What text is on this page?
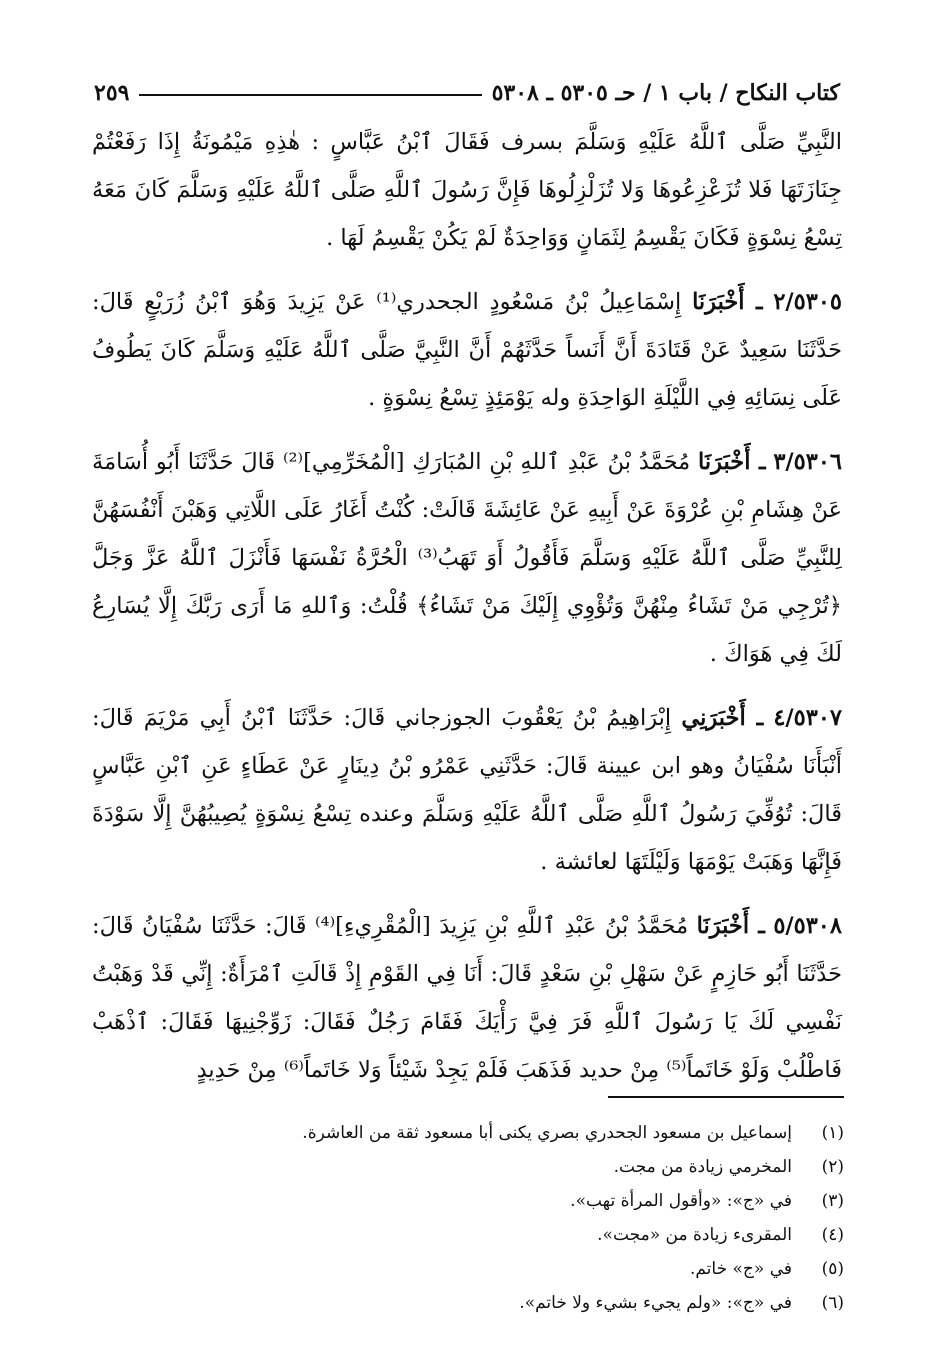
كتاب النكاح / باب ١ / حـ ٥٣٠٥ ـ ٥٣٠٨
٢٥٩

النَّبِيِّ صَلَّى ٱللَّهُ عَلَيْهِ وَسَلَّمَ بسرف فَقَالَ ٱبْنُ عَبَّاسٍ : هٰذِهِ مَيْمُونَةُ إِذَا رَفَعْتُمْ جِنَازَتَهَا فَلا تُزَعْزِعُوهَا وَلا تُزَلْزِلُوهَا فَإِنَّ رَسُولَ ٱللَّهِ صَلَّى ٱللَّهُ عَلَيْهِ وَسَلَّمَ كَانَ مَعَهُ تِسْعُ نِسْوَةٍ فَكَانَ يَقْسِمُ لِثَمَانٍ وَوَاحِدَةٌ لَمْ يَكُنْ يَقْسِمُ لَهَا .

٢/٥٣٠٥ ـ أَخْبَرَنَا إِسْمَاعِيلُ بْنُ مَسْعُودٍ الجحدري⁽¹⁾ عَنْ يَزِيدَ وَهُوَ ٱبْنُ زُرَيْعٍ قَالَ: حَدَّثَنَا سَعِيدٌ عَنْ قَتَادَةَ أَنَّ أَنَساً حَدَّثَهُمْ أَنَّ النَّبِيَّ صَلَّى ٱللَّهُ عَلَيْهِ وَسَلَّمَ كَانَ يَطُوفُ عَلَى نِسَائِهِ فِي اللَّيْلَةِ الوَاحِدَةِ وله يَوْمَئِذٍ تِسْعُ نِسْوَةٍ .

٣/٥٣٠٦ ـ أَخْبَرَنَا مُحَمَّدُ بْنُ عَبْدِ ٱللهِ بْنِ المُبَارَكِ [الْمُخَرِّمِي]⁽²⁾ قَالَ حَدَّثَنَا أَبُو أُسَامَةَ عَنْ هِشَامِ بْنِ عُرْوَةَ عَنْ أَبِيهِ عَنْ عَائِشَةَ قَالَتْ: كُنْتُ أَغَارُ عَلَى اللَّاتِي وَهَبْنَ أَنْفُسَهُنَّ لِلنَّبِيِّ صَلَّى ٱللَّهُ عَلَيْهِ وَسَلَّمَ فَأَقُولُ أَوَ تَهَبُ⁽³⁾ الْحُرَّةُ نَفْسَهَا فَأَنْزَلَ ٱللَّهُ عَزَّ وَجَلَّ ﴿تُرْجِي مَنْ تَشَاءُ مِنْهُنَّ وَتُؤْوِي إِلَيْكَ مَنْ تَشَاءُ﴾ قُلْتُ: وَٱللهِ مَا أَرَى رَبَّكَ إِلَّا يُسَارِعُ لَكَ فِي هَوَاكَ .

٤/٥٣٠٧ ـ أَخْبَرَنِي إِبْرَاهِيمُ بْنُ يَعْقُوبَ الجوزجاني قَالَ: حَدَّثَنَا ٱبْنُ أَبِي مَرْيَمَ قَالَ: أَنْبَأَنَا سُفْيَانُ وهو ابن عيينة قَالَ: حَدَّثَنِي عَمْرُو بْنُ دِينَارٍ عَنْ عَطَاءٍ عَنِ ٱبْنِ عَبَّاسٍ قَالَ: تُوُفِّيَ رَسُولُ ٱللَّهِ صَلَّى ٱللَّهُ عَلَيْهِ وَسَلَّمَ وعنده تِسْعُ نِسْوَةٍ يُصِيبُهُنَّ إِلَّا سَوْدَةَ فَإِنَّهَا وَهَبَتْ يَوْمَهَا وَلَيْلَتَهَا لعائشة .

٥/٥٣٠٨ ـ أَخْبَرَنَا مُحَمَّدُ بْنُ عَبْدِ ٱللَّهِ بْنِ يَزِيدَ [الْمُقْرِيءِ]⁽⁴⁾ قَالَ: حَدَّثَنَا سُفْيَانُ قَالَ: حَدَّثَنَا أَبُو حَازِمٍ عَنْ سَهْلِ بْنِ سَعْدٍ قَالَ: أَنَا فِي القَوْمِ إِذْ قَالَتِ ٱمْرَأَةٌ: إِنِّي قَدْ وَهَبْتُ نَفْسِي لَكَ يَا رَسُولَ ٱللَّهِ فَرَ فِيَّ رَأْيَكَ فَقَامَ رَجُلٌ فَقَالَ: زَوِّجْنِيهَا فَقَالَ: ٱذْهَبْ فَاطْلُبْ وَلَوْ خَاتَماً⁽⁵⁾ مِنْ حديد فَذَهَبَ فَلَمْ يَجِدْ شَيْئاً وَلا خَاتَماً⁽⁶⁾ مِنْ حَدِيدٍ

(١)
إسماعيل بن مسعود الجحدري بصري يكنى أبا مسعود ثقة من العاشرة.
(٢)
المخرمي زيادة من مجت.
(٣)
في «ج»: «وأقول المرأة تهب».
(٤)
المقرىء زيادة من «مجت».
(٥)
في «ج» خاتم.
(٦)
في «ج»: «ولم يجيء بشيء ولا خاتم».
